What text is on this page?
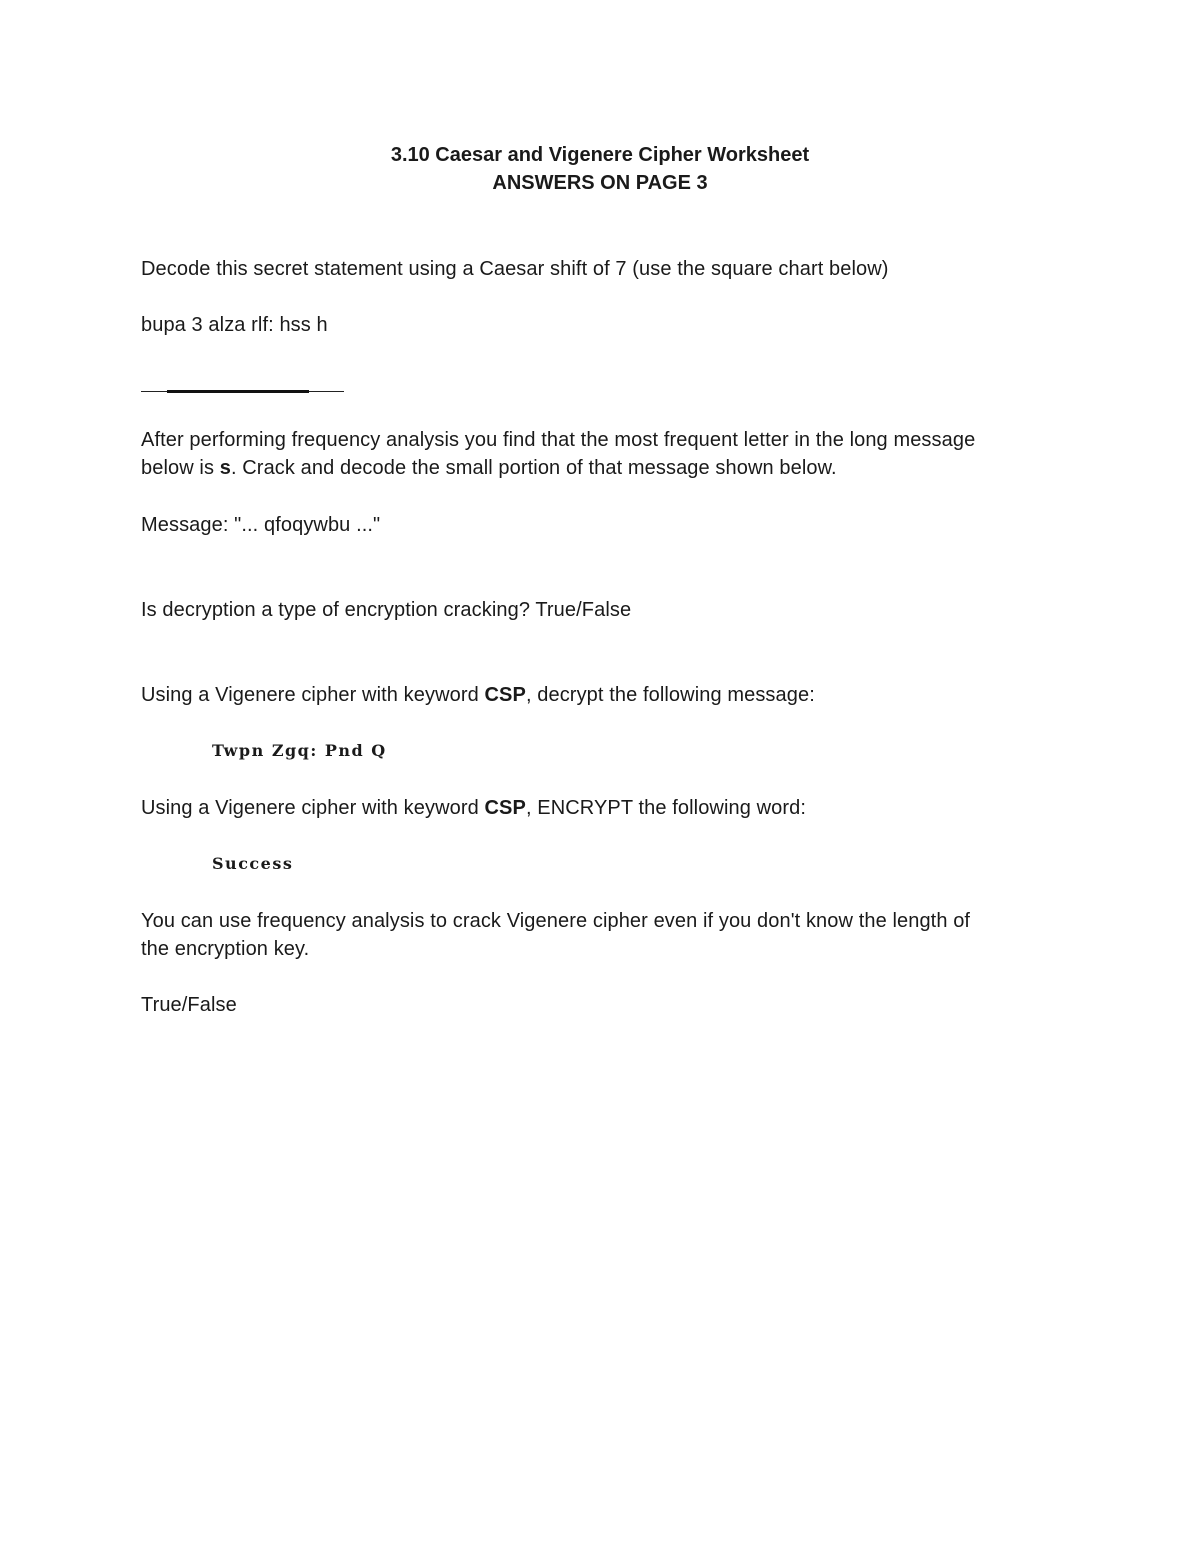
3.10 Caesar and Vigenere Cipher Worksheet
ANSWERS ON PAGE 3
Decode this secret statement using a Caesar shift of 7 (use the square chart below)
bupa 3 alza rlf: hss h
After performing frequency analysis you find that the most frequent letter in the long message
below is s. Crack and decode the small portion of that message shown below.
Message: "... qfoqywbu ..."
Is decryption a type of encryption cracking? True/False
Using a Vigenere cipher with keyword CSP, decrypt the following message:
Twpn Zgq: Pnd Q
Using a Vigenere cipher with keyword CSP, ENCRYPT the following word:
Success
You can use frequency analysis to crack Vigenere cipher even if you don't know the length of
the encryption key.
True/False
